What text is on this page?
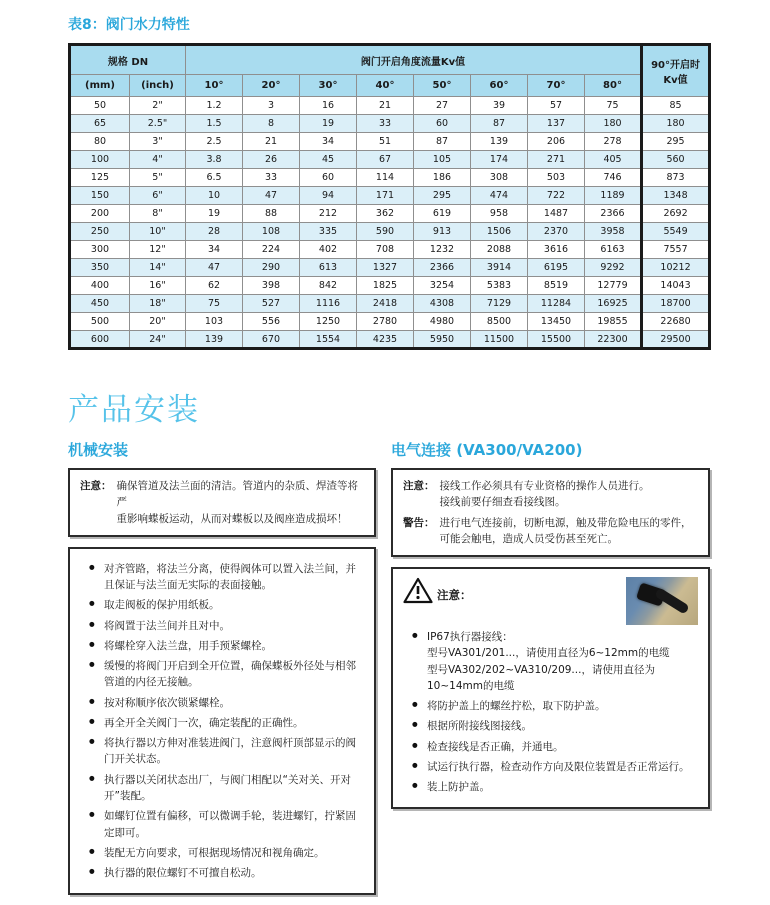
表8：阀门水力特性
规格 DN		阀门开启角度流量Kv值								90°开启时Kv值
(mm)	(inch)	10°	20°	30°	40°	50°	60°	70°	80°	
50	2"	1.2	3	16	21	27	39	57	75	85
65	2.5"	1.5	8	19	33	60	87	137	180	180
80	3"	2.5	21	34	51	87	139	206	278	295
100	4"	3.8	26	45	67	105	174	271	405	560
125	5"	6.5	33	60	114	186	308	503	746	873
150	6"	10	47	94	171	295	474	722	1189	1348
200	8"	19	88	212	362	619	958	1487	2366	2692
250	10"	28	108	335	590	913	1506	2370	3958	5549
300	12"	34	224	402	708	1232	2088	3616	6163	7557
350	14"	47	290	613	1327	2366	3914	6195	9292	10212
400	16"	62	398	842	1825	3254	5383	8519	12779	14043
450	18"	75	527	1116	2418	4308	7129	11284	16925	18700
500	20"	103	556	1250	2780	4980	8500	13450	19855	22680
600	24"	139	670	1554	4235	5950	11500	15500	22300	29500
产品安装
机械安装
注意： 确保管道及法兰面的清洁。管道内的杂质、焊渣等将严
重影响蝶板运动，从而对蝶板以及阀座造成损坏！
● 对齐管路，将法兰分离，使得阀体可以置入法兰间，并且保证与法兰面无实际的表面接触。
● 取走阀板的保护用纸板。
● 将阀置于法兰间并且对中。
● 将螺栓穿入法兰盘，用手预紧螺栓。
● 缓慢的将阀门开启到全开位置，确保蝶板外径处与相邻管道的内径无接触。
● 按对称顺序依次锁紧螺栓。
● 再全开全关阀门一次，确定装配的正确性。
● 将执行器以方伸对准装进阀门，注意阀杆顶部显示的阀门开关状态。
● 执行器以关闭状态出厂，与阀门相配以“关对关、开对开”装配。
● 如螺钉位置有偏移，可以微调手轮，装进螺钉，拧紧固定即可。
● 装配无方向要求，可根据现场情况和视角确定。
● 执行器的限位螺钉不可擅自松动。
电气连接 (VA300/VA200)
注意： 接线工作必须具有专业资格的操作人员进行。
接线前要仔细查看接线图。
警告： 进行电气连接前，切断电源，触及带危险电压的零件，
可能会触电，造成人员受伤甚至死亡。
注意：
● IP67执行器接线：
型号VA301/201...，请使用直径为6~12mm的电缆
型号VA302/202~VA310/209...，请使用直径为10~14mm的电缆
● 将防护盖上的螺丝拧松，取下防护盖。
● 根据所附接线图接线。
● 检查接线是否正确，并通电。
● 试运行执行器，检查动作方向及限位装置是否正常运行。
● 装上防护盖。
